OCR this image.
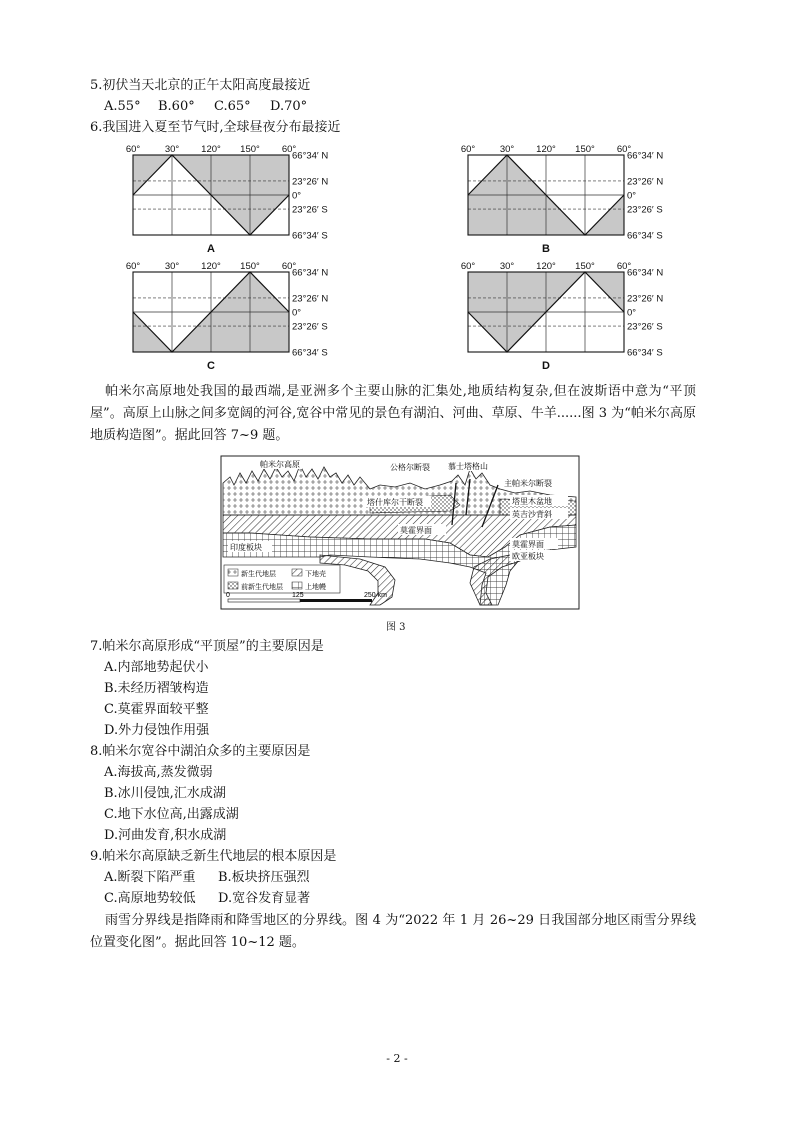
5.初伏当天北京的正午太阳高度最接近
A.55° B.60° C.65° D.70°
6.我国进入夏至节气时,全球昼夜分布最接近
66°34′ N
23°26′ N
0°
23°26′ S
66°34′ S
60°	30° 120° 150° 60°
A
66°34′ N
23°26′ N
0°
23°26′ S
66°34′ S
60°	30° 120° 150° 60°
B
66°34′ N
23°26′ N
0°
23°26′ S
66°34′ S
60°	30° 120° 150° 60°
C
66°34′ N
23°26′ N
0°
23°26′ S
66°34′ S
60°	30° 120° 150° 60°
D
帕米尔高原地处我国的最西端,是亚洲多个主要山脉的汇集处,地质结构复杂,但在波斯语中意为“平顶屋”。高原上山脉之间多宽阔的河谷,宽谷中常见的景色有湖泊、河曲、草原、牛羊......图 3 为“帕米尔高原地质构造图”。据此回答 7~9 题。
帕米尔高原	公格尔断裂 慕士塔格山
主帕米尔断裂
塔什库尔干断裂	塔里木盆地
英吉沙背斜
莫霍界面
印度板块	莫霍界面
欧亚板块
新生代地层	下地壳
前新生代地层	上地幔
0	125	250 km
图 3
7.帕米尔高原形成“平顶屋”的主要原因是
A.内部地势起伏小
B.未经历褶皱构造
C.莫霍界面较平整
D.外力侵蚀作用强
8.帕米尔宽谷中湖泊众多的主要原因是
A.海拔高,蒸发微弱
B.冰川侵蚀,汇水成湖
C.地下水位高,出露成湖
D.河曲发育,积水成湖
9.帕米尔高原缺乏新生代地层的根本原因是
A.断裂下陷严重 B.板块挤压强烈
C.高原地势较低 D.宽谷发育显著
雨雪分界线是指降雨和降雪地区的分界线。图 4 为“2022 年 1 月 26~29 日我国部分地区雨雪分界线位置变化图”。据此回答 10~12 题。
- 2 -
